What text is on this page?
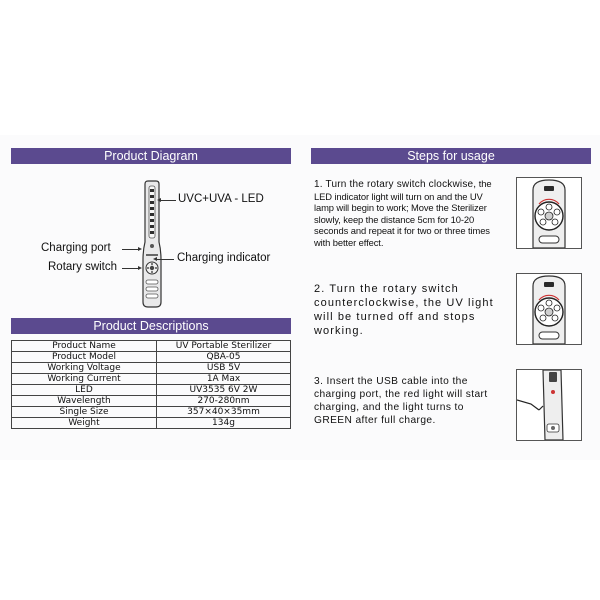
Product Diagram	Steps for usage
Product Descriptions
UVC+UVA - LED
Charging port
Rotary switch
Charging indicator
Product Name	UV Portable Sterilizer
Product Model	QBA-05
Working Voltage	USB 5V
Working Current	1A Max
LED	UV3535 6V 2W
Wavelength	270-280nm
Single Size	357×40×35mm
Weight	134g
1. Turn the rotary switch clockwise, the LED indicator light will turn on and the UV lamp will begin to work; Move the Sterilizer slowly, keep the distance 5cm for 10-20 seconds and repeat it for two or three times with better effect.
2. Turn the rotary switch counterclockwise, the UV light will be turned off and stops working.
3. Insert the USB cable into the charging port, the red light will start charging, and the light turns to GREEN after full charge.
